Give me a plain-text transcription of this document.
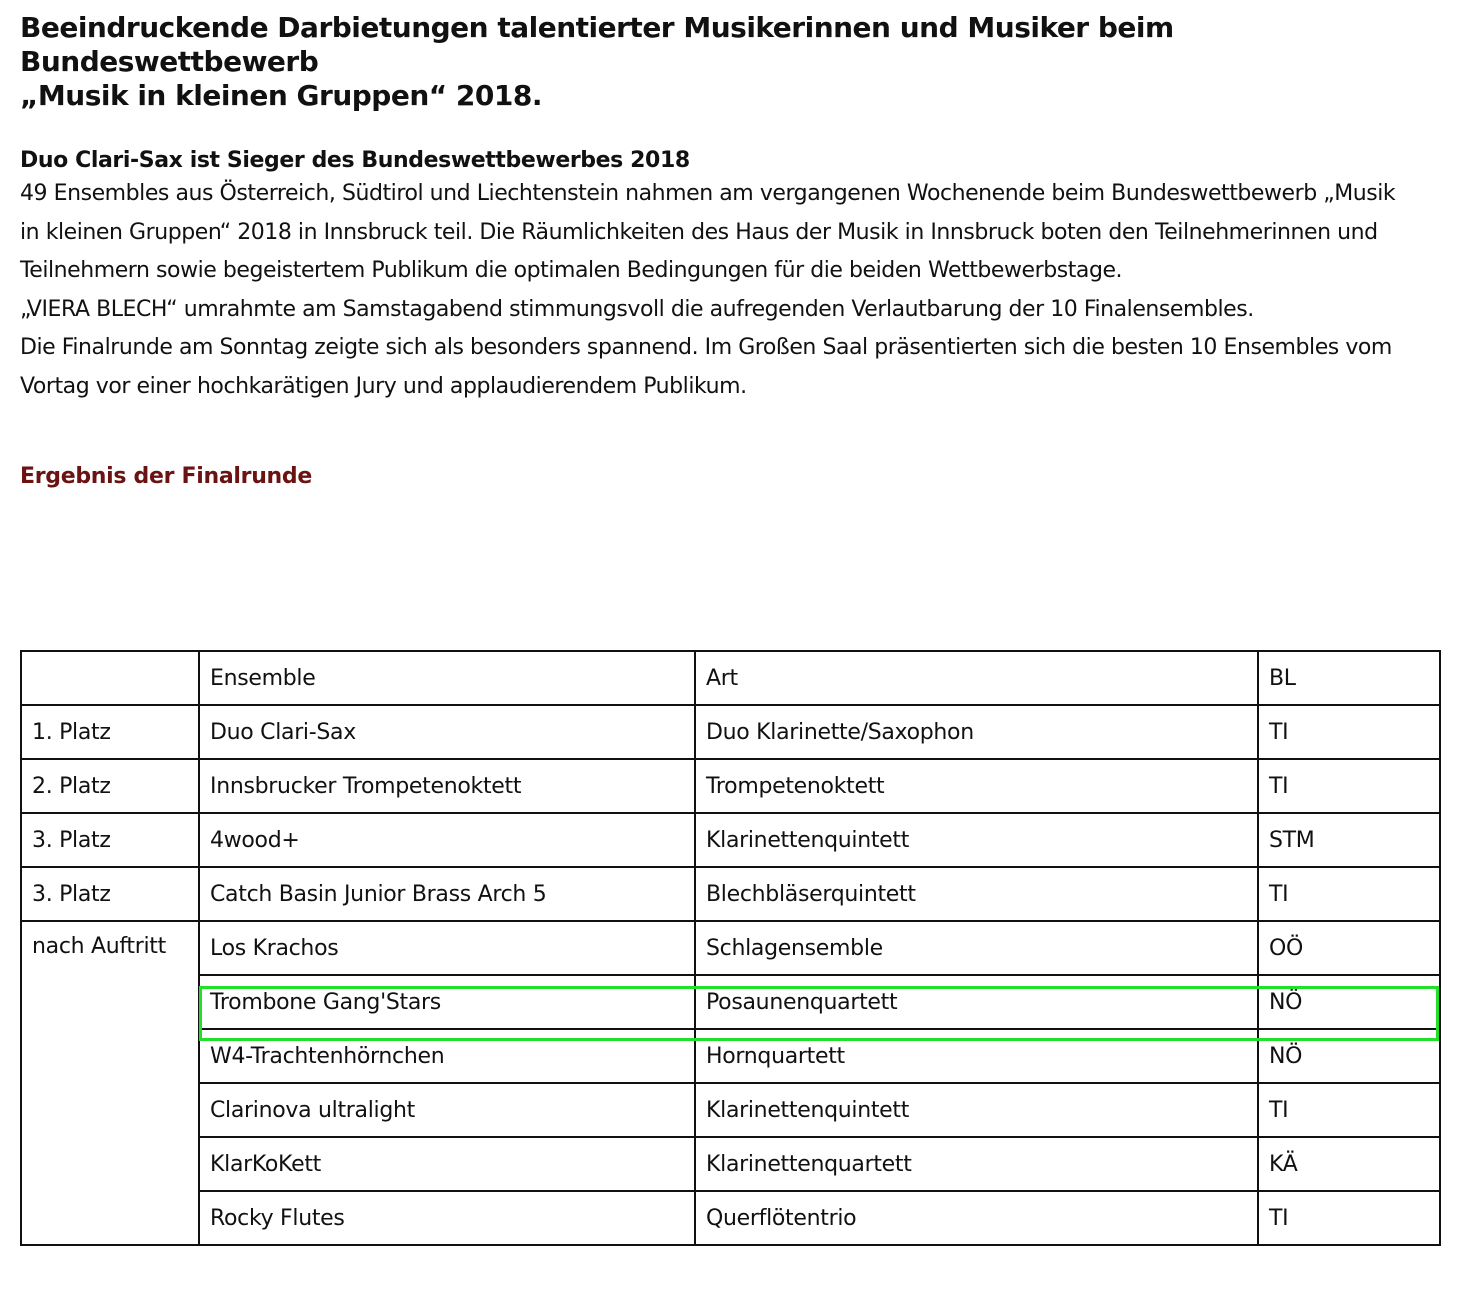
Beeindruckende Darbietungen talentierter Musikerinnen und Musiker beim Bundeswettbewerb
„Musik in kleinen Gruppen“ 2018.
Duo Clari-Sax ist Sieger des Bundeswettbewerbes 2018

49 Ensembles aus Österreich, Südtirol und Liechtenstein nahmen am vergangenen Wochenende beim Bundeswettbewerb „Musik in kleinen Gruppen“ 2018 in Innsbruck teil. Die Räumlichkeiten des Haus der Musik in Innsbruck boten den Teilnehmerinnen und Teilnehmern sowie begeistertem Publikum die optimalen Bedingungen für die beiden Wettbewerbstage.

„VIERA BLECH“ umrahmte am Samstagabend stimmungsvoll die aufregenden Verlautbarung der 10 Finalensembles.

Die Finalrunde am Sonntag zeigte sich als besonders spannend. Im Großen Saal präsentierten sich die besten 10 Ensembles vom Vortag vor einer hochkarätigen Jury und applaudierendem Publikum.

Ergebnis der Finalrunde
	Ensemble	Art	BL
1. Platz	Duo Clari-Sax	Duo Klarinette/Saxophon	TI
2. Platz	Innsbrucker Trompetenoktett	Trompetenoktett	TI
3. Platz	4wood+	Klarinettenquintett	STM
3. Platz	Catch Basin Junior Brass Arch 5	Blechbläserquintett	TI
nach Auftritt	Los Krachos	Schlagensemble	OÖ
	Trombone Gang'Stars	Posaunenquartett	NÖ
	W4-Trachtenhörnchen	Hornquartett	NÖ
	Clarinova ultralight	Klarinettenquintett	TI
	KlarKoKett	Klarinettenquartett	KÄ
	Rocky Flutes	Querflötentrio	TI
